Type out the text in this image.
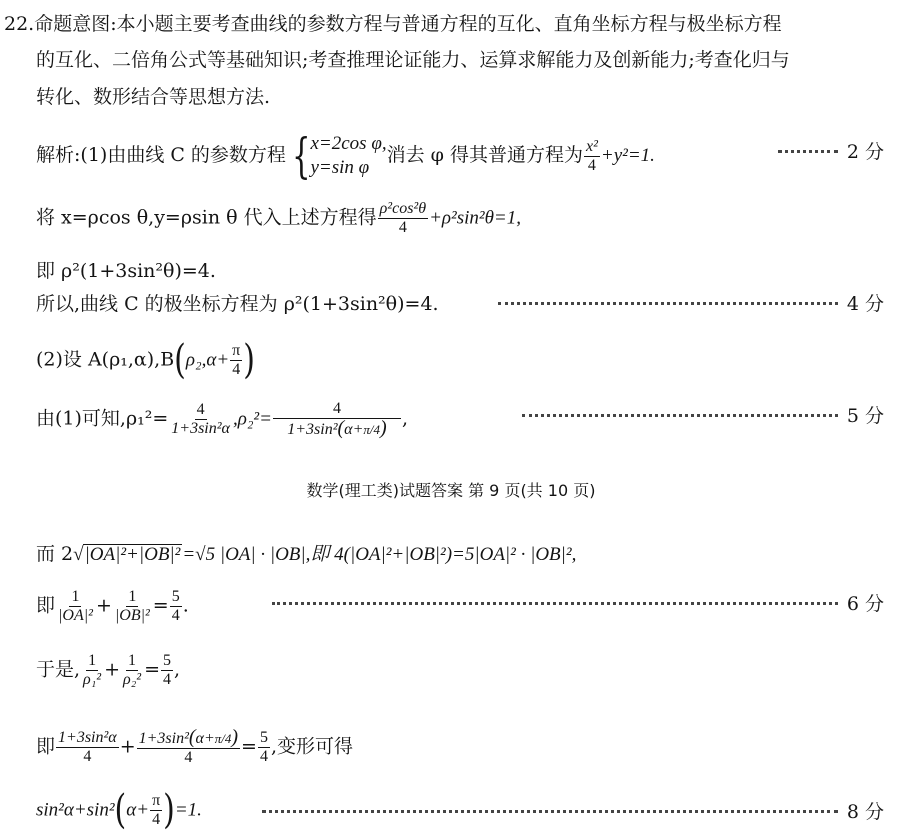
22.命题意图:本小题主要考查曲线的参数方程与普通方程的互化、直角坐标方程与极坐标方程
的互化、二倍角公式等基础知识;考查推理论证能力、运算求解能力及创新能力;考查化归与
转化、数形结合等思想方法.
解析:(1)由曲线 C 的参数方程 { x=2cos φ,
y=sin φ
消去 φ 得其普通方程为 $\frac{\text{x²}}{4} +y^2=1$.	2 分
将 x=ρcos θ,y=ρsin θ 代入上述方程得 $\frac{\text{ρ²cos²θ}}{4} +\rho^2\sin^2\theta=1$,
即 ρ²(1+3sin²θ)=4.
所以,曲线 C 的极坐标方程为 ρ²(1+3sin²θ)=4.	4 分
(2)设 $A(\rho_1,\alpha),B(\rho_2,\alpha+ \frac{\pi}{4}$ )
由(1)可知$,\rho_1^2= \frac{4}{\text{1+3sin²α}} ,\rho_2^2= \frac{4}{\text{1+3sin²(α+π/4)}}$ ,	5 分
数学(理工类)试题答案 第 9 页(共 10 页)
而 2√|OA|²+|OB|² =√5 |OA| · |OB|,即 4(|OA|²+|OB|²)=5|OA|² · |OB|²,
即 $\frac{1}{\text{|OA|²}} + \frac{1}{\text{|OB|²}} = \frac{5}{4}$ .	6 分
于是, $\frac{1}{\text{ρ₁²}} + \frac{1}{\text{ρ₂²}} = \frac{5}{4}$ ,
即 $\frac{\text{1+3sin²α}}{4} + \frac{\text{1+3sin²(α+π/4)}}{4} = \frac{5}{4}$ ,变形可得
$\sin^2\alpha+\sin^2(\alpha+ \frac{\pi}{4} )=1$.	8 分
